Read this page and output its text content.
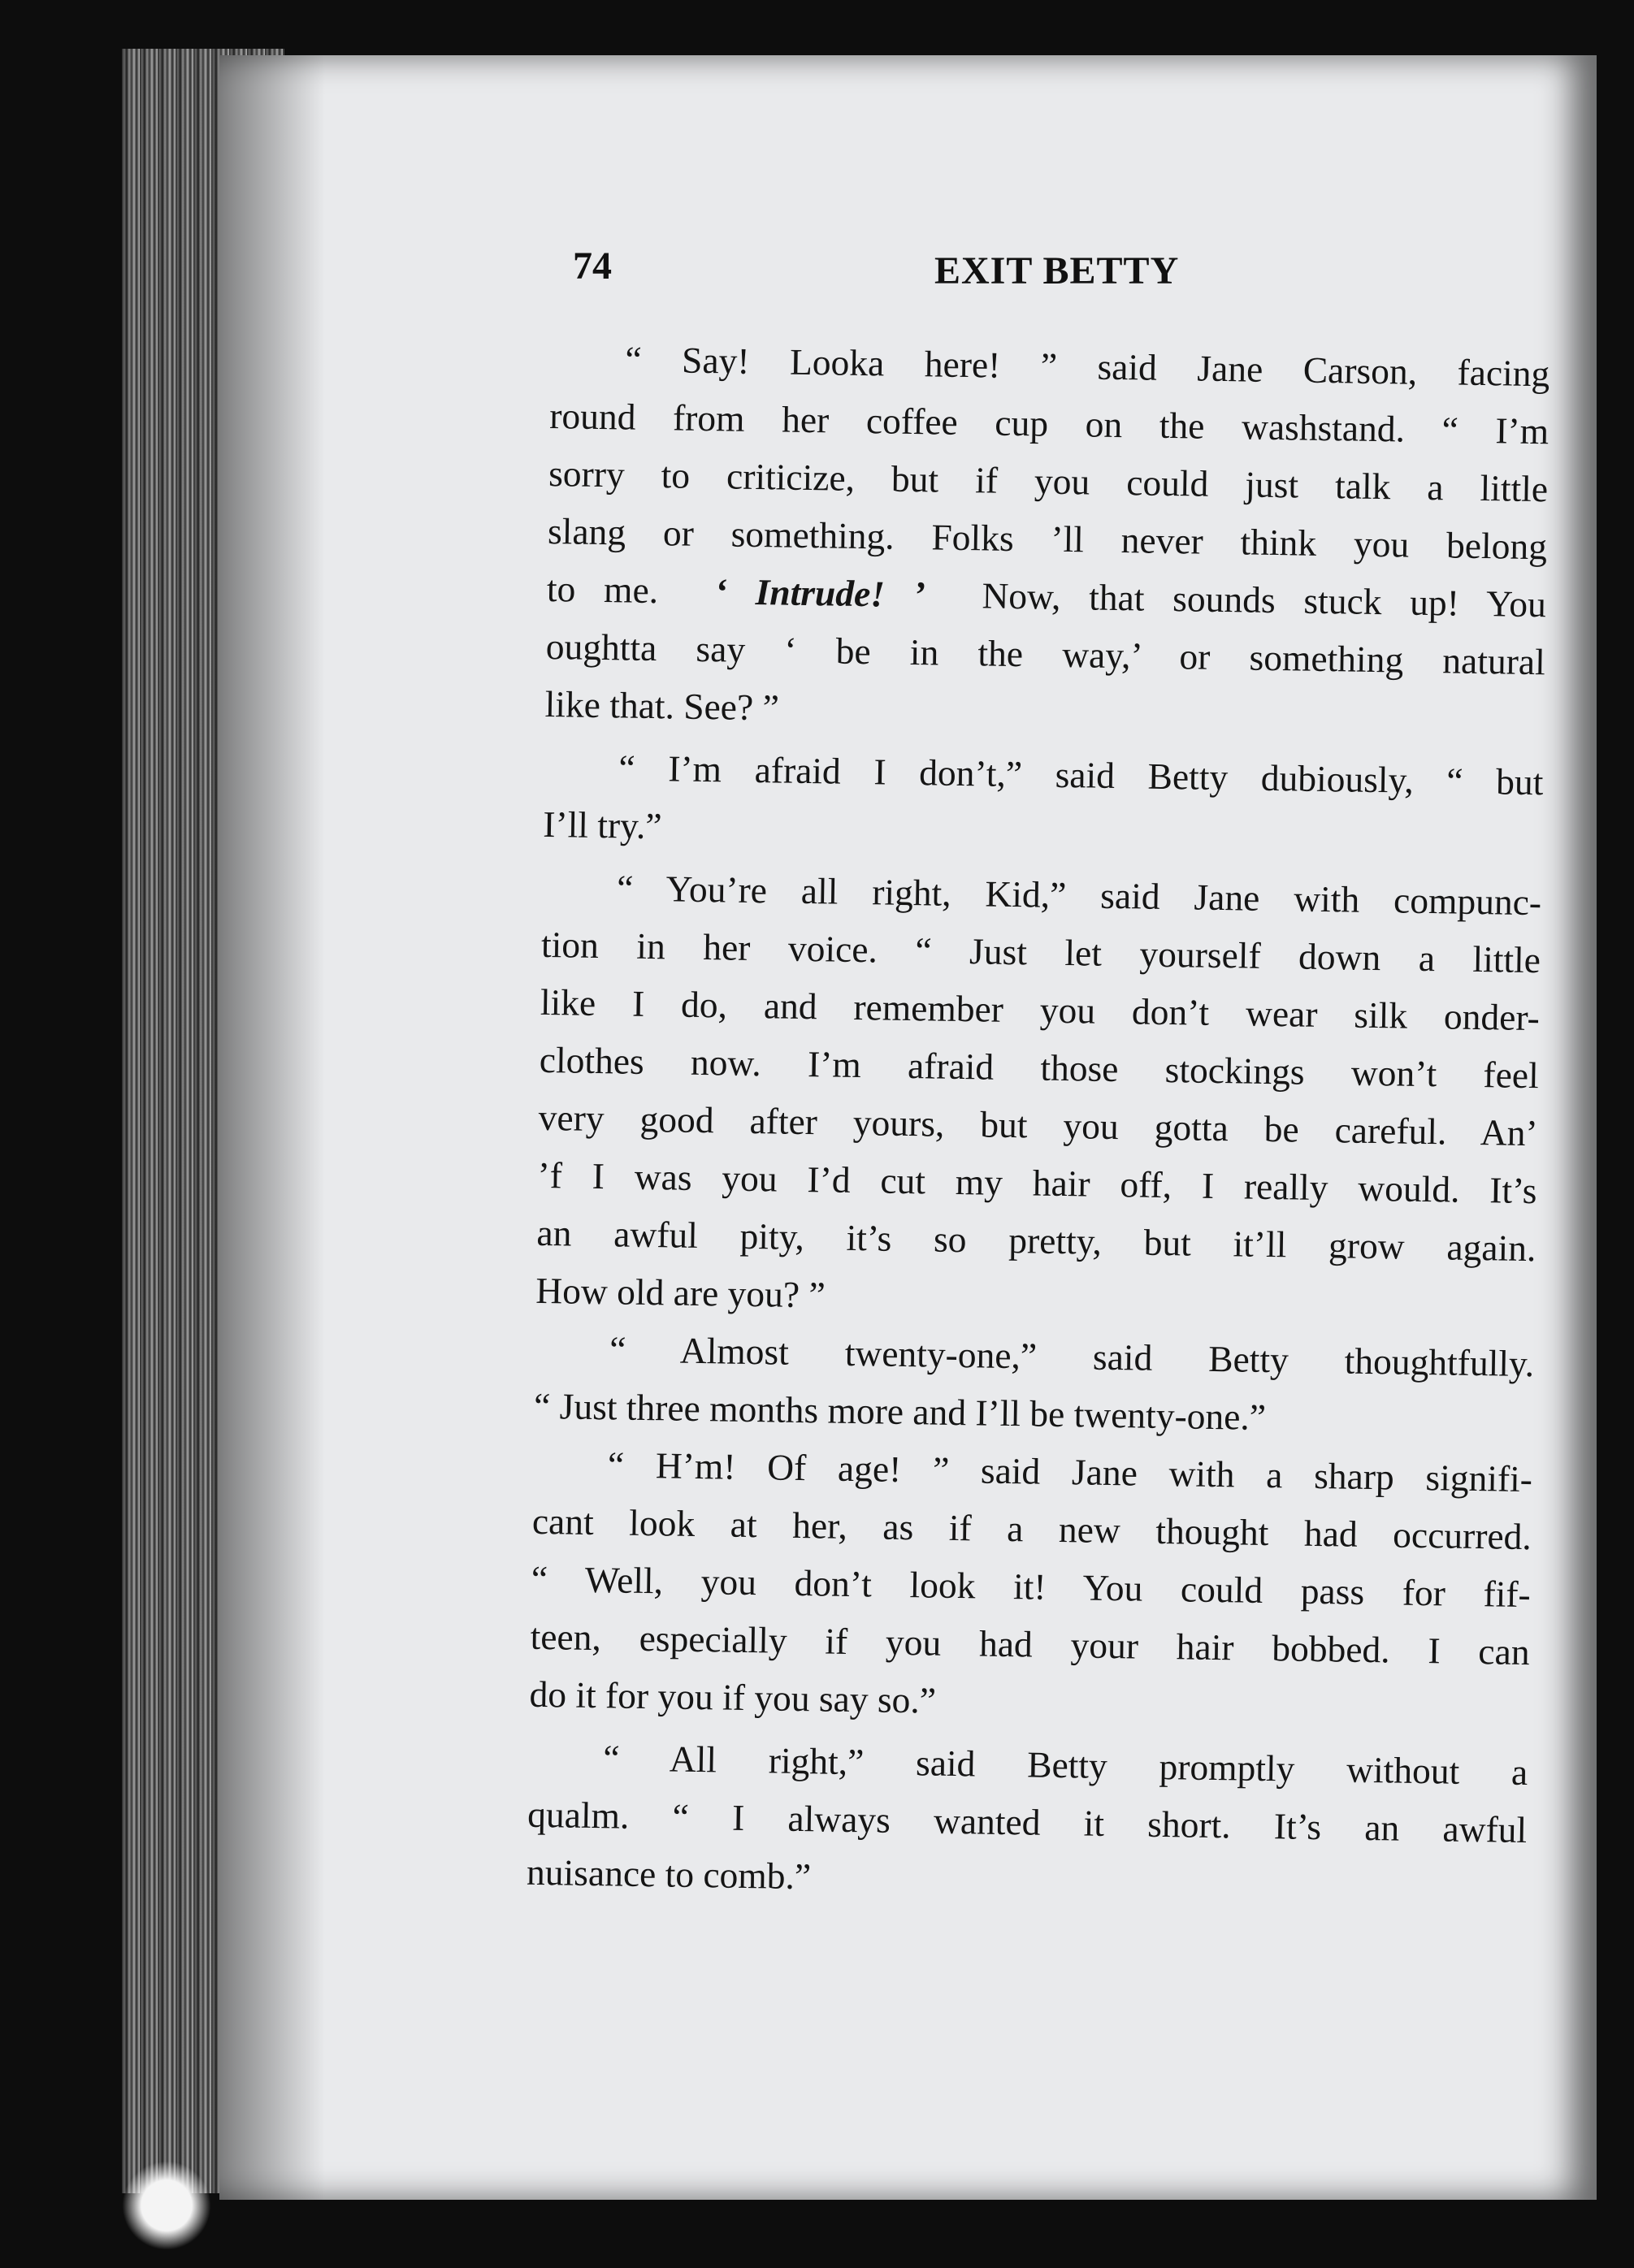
74	EXIT BETTY
“ Say! Looka here! ” said Jane Carson, facing
round from her coffee cup on the washstand. “ I’m
sorry to criticize, but if you could just talk a little
slang or something. Folks ’ll never think you belong
to me. ‘ Intrude! ’ Now, that sounds stuck up! You
oughtta say ‘ be in the way,’ or something natural
like that. See? ”
“ I’m afraid I don’t,” said Betty dubiously, “ but
I’ll try.”
“ You’re all right, Kid,” said Jane with compunc-
tion in her voice. “ Just let yourself down a little
like I do, and remember you don’t wear silk onder-
clothes now. I’m afraid those stockings won’t feel
very good after yours, but you gotta be careful. An’
’f I was you I’d cut my hair off, I really would. It’s
an awful pity, it’s so pretty, but it’ll grow again.
How old are you? ”
“ Almost twenty-one,” said Betty thoughtfully.
“ Just three months more and I’ll be twenty-one.”
“ H’m! Of age! ” said Jane with a sharp signifi-
cant look at her, as if a new thought had occurred.
“ Well, you don’t look it! You could pass for fif-
teen, especially if you had your hair bobbed. I can
do it for you if you say so.”
“ All right,” said Betty promptly without a
qualm. “ I always wanted it short. It’s an awful
nuisance to comb.”
